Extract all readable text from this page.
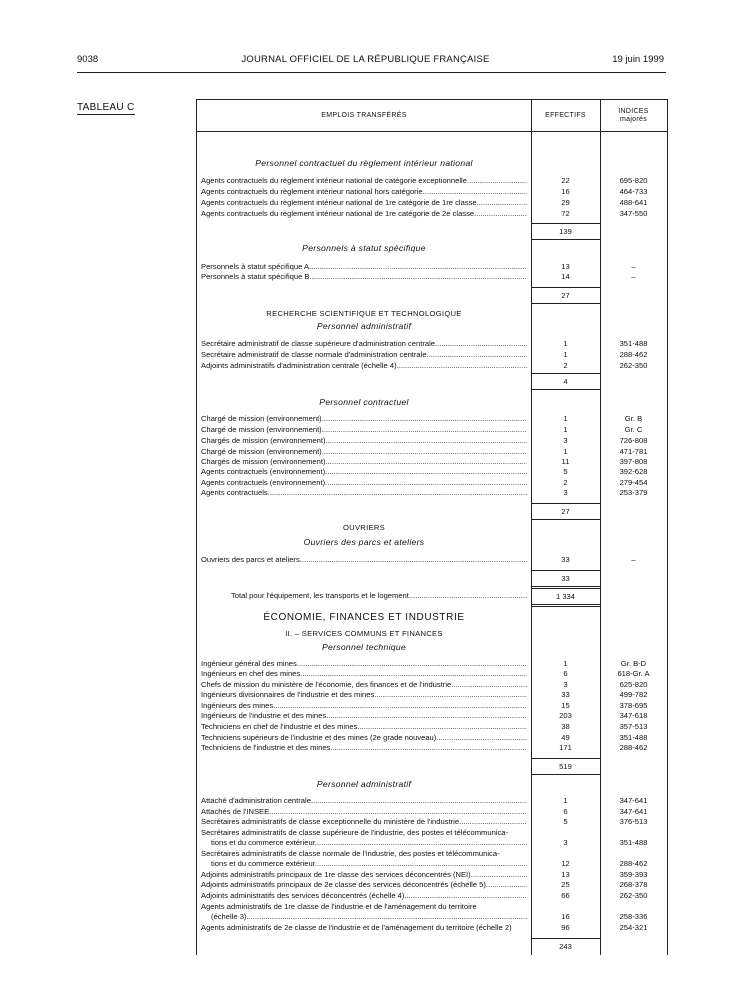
9038	JOURNAL OFFICIEL DE LA RÉPUBLIQUE FRANÇAISE	19 juin 1999
TABLEAU C
EMPLOIS TRANSFÉRÉS	EFFECTIFS
INDICES
majorés
Personnel contractuel du règlement intérieur national
Agents contractuels du règlement intérieur national de catégorie exceptionnelle .....	22	695-820
Agents contractuels du règlement intérieur national hors catégorie .....	16	464-733
Agents contractuels du règlement intérieur national de 1re catégorie de 1re classe .....	29	488-641
Agents contractuels du règlement intérieur national de 1re catégorie de 2e classe .....	72	347-550
139
Personnels à statut spécifique
Personnels à statut spécifique A .....	13	–
Personnels à statut spécifique B .....	14	–
27
RECHERCHE SCIENTIFIQUE ET TECHNOLOGIQUE
Personnel administratif
Secrétaire administratif de classe supérieure d'administration centrale .....	1	351-488
Secrétaire administratif de classe normale d'administration centrale .....	1	288-462
Adjoints administratifs d'administration centrale (échelle 4) .....	2	262-350
4
Personnel contractuel
Chargé de mission (environnement) .....	1	Gr. B
Chargé de mission (environnement) .....	1	Gr. C
Chargés de mission (environnement) .....	3	726-808
Chargé de mission (environnement) .....	1	471-781
Chargés de mission (environnement) .....	11	397-808
Agents contractuels (environnement) .....	5	392-628
Agents contractuels (environnement) .....	2	279-454
Agents contractuels .....	3	253-379
27
OUVRIERS
Ouvriers des parcs et ateliers
Ouvriers des parcs et ateliers .....	33	–
33
Total pour l'équipement, les transports et le logement .....	1 334
ÉCONOMIE, FINANCES ET INDUSTRIE
II. – SERVICES COMMUNS ET FINANCES
Personnel technique
Ingénieur général des mines .....	1	Gr. B-D
Ingénieurs en chef des mines .....	6	618-Gr. A
Chefs de mission du ministère de l'économie, des finances et de l'industrie .....	3	625-820
Ingénieurs divisionnaires de l'industrie et des mines .....	33	499-782
Ingénieurs des mines .....	15	378-695
Ingénieurs de l'industrie et des mines .....	203	347-618
Techniciens en chef de l'industrie et des mines .....	38	357-513
Techniciens supérieurs de l'industrie et des mines (2e grade nouveau) .....	49	351-488
Techniciens de l'industrie et des mines .....	171	288-462
519
Personnel administratif
Attaché d'administration centrale .....	1	347-641
Attachés de l'INSEE .....	6	347-641
Secrétaires administratifs de classe exceptionnelle du ministère de l'industrie .....	5	376-513
Secrétaires administratifs de classe supérieure de l'industrie, des postes et télécommunica-
tions et du commerce extérieur .....	3	351-488
Secrétaires administratifs de classe normale de l'industrie, des postes et télécommunica-
tions et du commerce extérieur .....	12	288-462
Adjoints administratifs principaux de 1re classe des services déconcentrés (NEI) .....	13	359-393
Adjoints administratifs principaux de 2e classe des services déconcentrés (échelle 5) .....	25	268-378
Adjoints administratifs des services déconcentrés (échelle 4) .....	66	262-350
Agents administratifs de 1re classe de l'industrie et de l'aménagement du territoire
(échelle 3) .....	16	258-336
Agents administratifs de 2e classe de l'industrie et de l'aménagement du territoire (échelle 2)	96	254-321
243
